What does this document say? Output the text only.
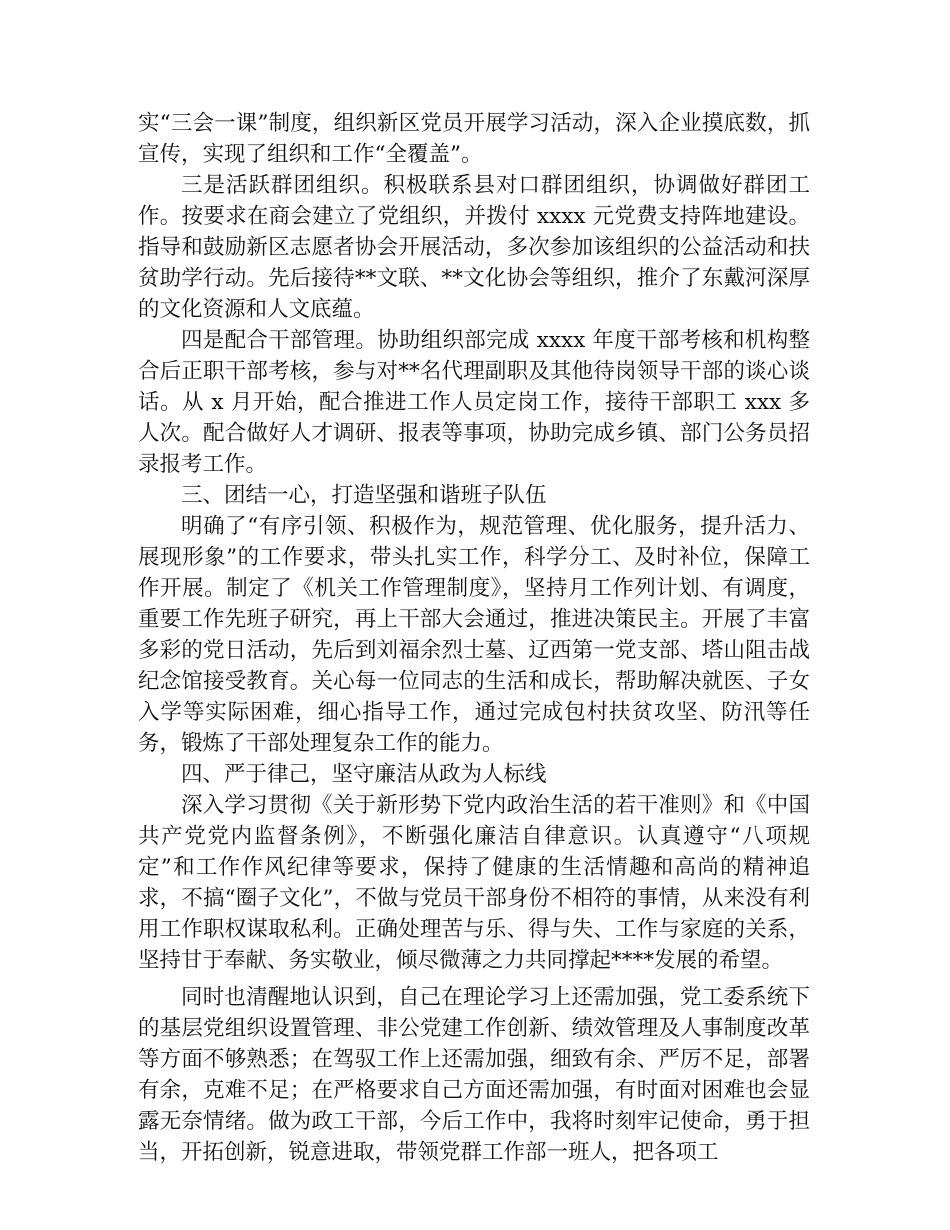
实“三会一课”制度，组织新区党员开展学习活动，深入企业摸底数，抓宣传，实现了组织和工作“全覆盖”。

三是活跃群团组织。积极联系县对口群团组织，协调做好群团工作。按要求在商会建立了党组织，并拨付 xxxx 元党费支持阵地建设。指导和鼓励新区志愿者协会开展活动，多次参加该组织的公益活动和扶贫助学行动。先后接待**文联、**文化协会等组织，推介了东戴河深厚的文化资源和人文底蕴。

四是配合干部管理。协助组织部完成 xxxx 年度干部考核和机构整合后正职干部考核，参与对**名代理副职及其他待岗领导干部的谈心谈话。从 x 月开始，配合推进工作人员定岗工作，接待干部职工 xxx 多人次。配合做好人才调研、报表等事项，协助完成乡镇、部门公务员招录报考工作。

三、团结一心，打造坚强和谐班子队伍

明确了“有序引领、积极作为，规范管理、优化服务，提升活力、展现形象”的工作要求，带头扎实工作，科学分工、及时补位，保障工作开展。制定了《机关工作管理制度》，坚持月工作列计划、有调度，重要工作先班子研究，再上干部大会通过，推进决策民主。开展了丰富多彩的党日活动，先后到刘福余烈士墓、辽西第一党支部、塔山阻击战纪念馆接受教育。关心每一位同志的生活和成长，帮助解决就医、子女入学等实际困难，细心指导工作，通过完成包村扶贫攻坚、防汛等任务，锻炼了干部处理复杂工作的能力。

四、严于律己，坚守廉洁从政为人标线

深入学习贯彻《关于新形势下党内政治生活的若干准则》和《中国共产党党内监督条例》，不断强化廉洁自律意识。认真遵守“八项规定”和工作作风纪律等要求，保持了健康的生活情趣和高尚的精神追求，不搞“圈子文化”，不做与党员干部身份不相符的事情，从来没有利用工作职权谋取私利。正确处理苦与乐、得与失、工作与家庭的关系，坚持甘于奉献、务实敬业，倾尽微薄之力共同撑起****发展的希望。

同时也清醒地认识到，自己在理论学习上还需加强，党工委系统下的基层党组织设置管理、非公党建工作创新、绩效管理及人事制度改革等方面不够熟悉；在驾驭工作上还需加强，细致有余、严厉不足，部署有余，克难不足；在严格要求自己方面还需加强，有时面对困难也会显露无奈情绪。做为政工干部，今后工作中，我将时刻牢记使命，勇于担当，开拓创新，锐意进取，带领党群工作部一班人，把各项工
